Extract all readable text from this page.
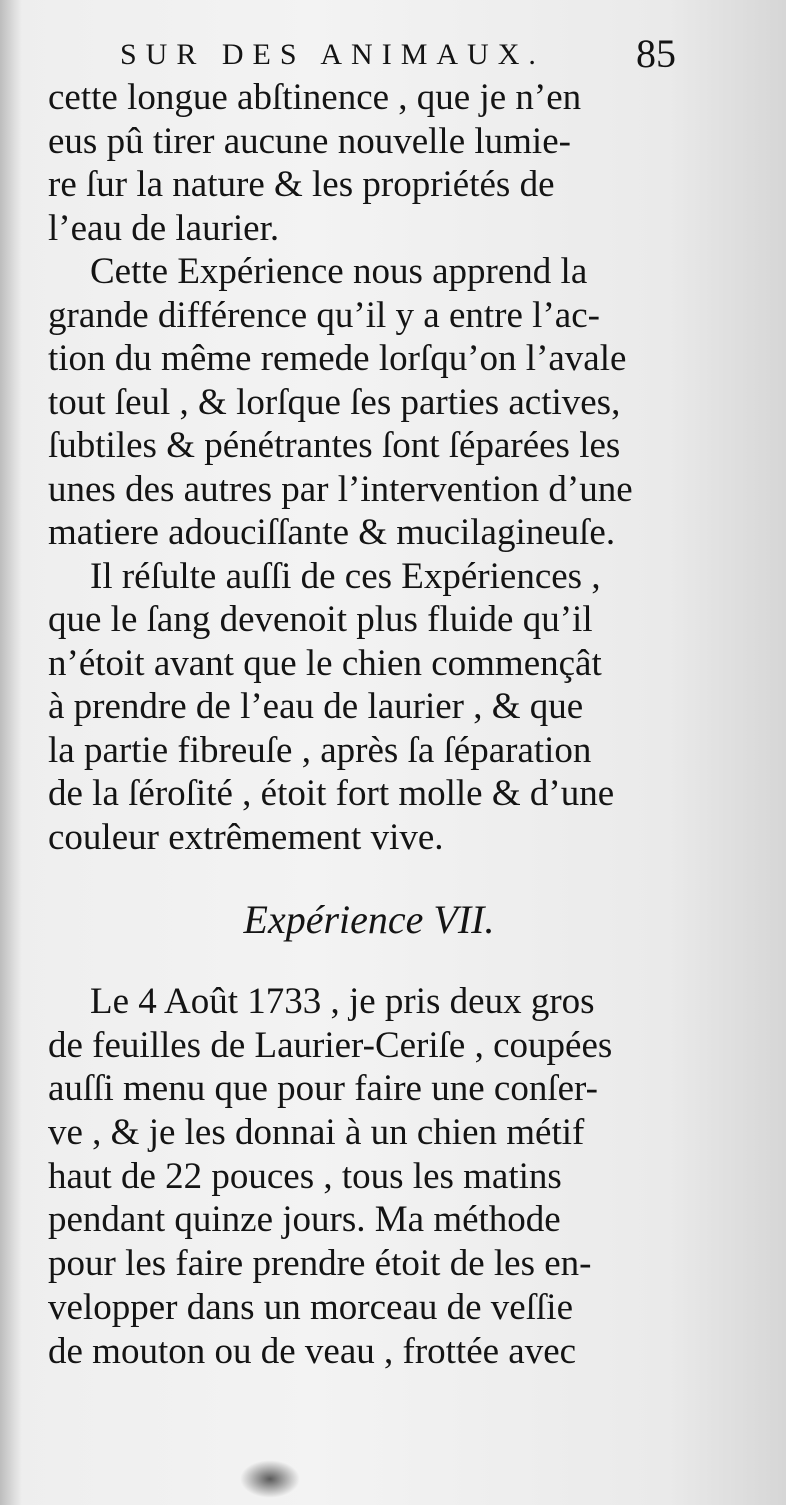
SUR DES ANIMAUX.	85
cette longue abſtinence , que je n’en
eus pû tirer aucune nouvelle lumie-
re ſur la nature & les propriétés de
l’eau de laurier.
Cette Expérience nous apprend la
grande différence qu’il y a entre l’ac-
tion du même remede lorſqu’on l’avale
tout ſeul , & lorſque ſes parties actives,
ſubtiles & pénétrantes ſont ſéparées les
unes des autres par l’intervention d’une
matiere adouciſſante & mucilagineuſe.
Il réſulte auſſi de ces Expériences ,
que le ſang devenoit plus fluide qu’il
n’étoit avant que le chien commençât
à prendre de l’eau de laurier , & que
la partie fibreuſe , après ſa ſéparation
de la ſéroſité , étoit fort molle & d’une
couleur extrêmement vive.
Expérience VII.
Le 4 Août 1733 , je pris deux gros
de feuilles de Laurier-Ceriſe , coupées
auſſi menu que pour faire une conſer-
ve , & je les donnai à un chien métif
haut de 22 pouces , tous les matins
pendant quinze jours. Ma méthode
pour les faire prendre étoit de les en-
velopper dans un morceau de veſſie
de mouton ou de veau , frottée avec
